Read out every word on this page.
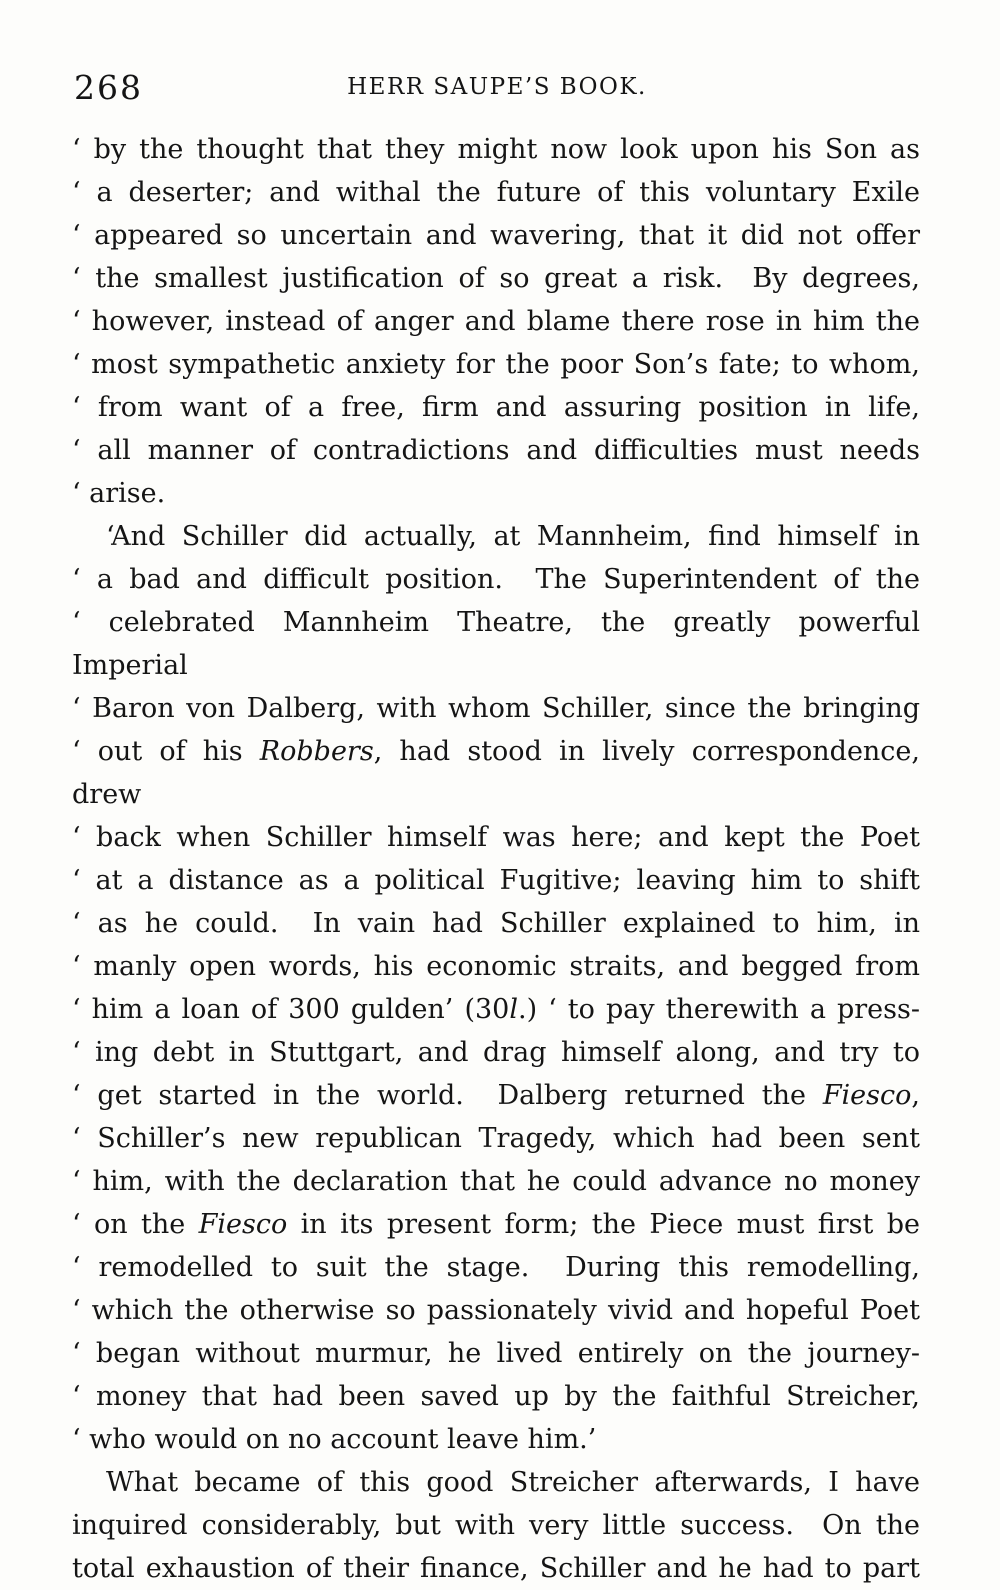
268	HERR SAUPE’S BOOK.
‘ by the thought that they might now look upon his Son as
‘ a deserter; and withal the future of this voluntary Exile
‘ appeared so uncertain and wavering, that it did not offer
‘ the smallest justification of so great a risk.  By degrees,
‘ however, instead of anger and blame there rose in him the
‘ most sympathetic anxiety for the poor Son’s fate; to whom,
‘ from want of a free, firm and assuring position in life,
‘ all manner of contradictions and difficulties must needs
‘ arise.
‘And Schiller did actually, at Mannheim, find himself in
‘ a bad and difficult position.  The Superintendent of the
‘ celebrated Mannheim Theatre, the greatly powerful Imperial
‘ Baron von Dalberg, with whom Schiller, since the bringing
‘ out of his Robbers, had stood in lively correspondence, drew
‘ back when Schiller himself was here; and kept the Poet
‘ at a distance as a political Fugitive; leaving him to shift
‘ as he could.  In vain had Schiller explained to him, in
‘ manly open words, his economic straits, and begged from
‘ him a loan of 300 gulden’ (30l.) ‘ to pay therewith a press-
‘ ing debt in Stuttgart, and drag himself along, and try to
‘ get started in the world.  Dalberg returned the Fiesco,
‘ Schiller’s new republican Tragedy, which had been sent
‘ him, with the declaration that he could advance no money
‘ on the Fiesco in its present form; the Piece must first be
‘ remodelled to suit the stage.  During this remodelling,
‘ which the otherwise so passionately vivid and hopeful Poet
‘ began without murmur, he lived entirely on the journey-
‘ money that had been saved up by the faithful Streicher,
‘ who would on no account leave him.’
What became of this good Streicher afterwards, I have
inquired considerably, but with very little success.  On the
total exhaustion of their finance, Schiller and he had to part
